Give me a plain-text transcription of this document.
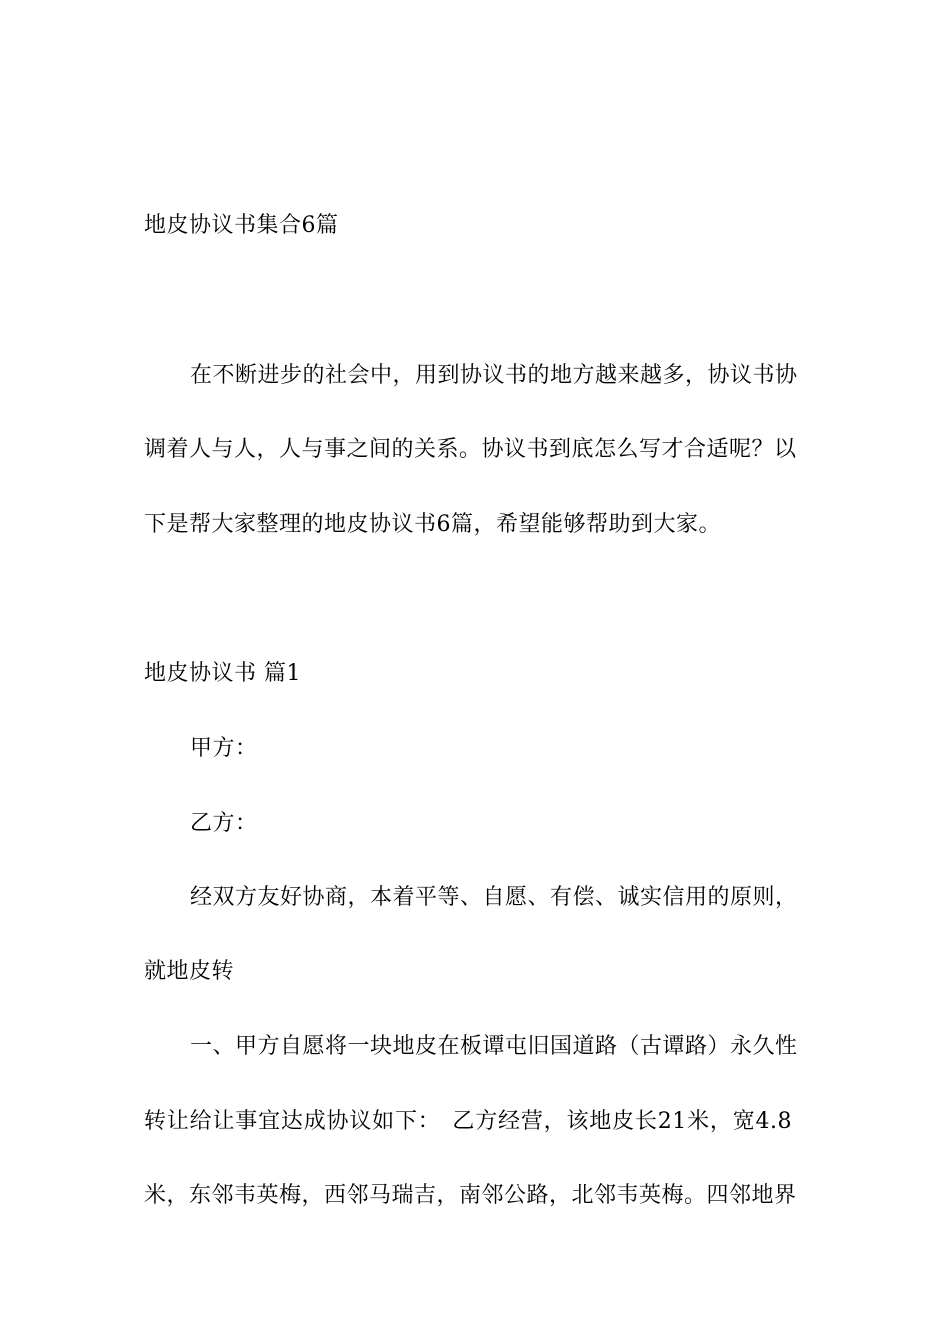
地皮协议书集合6篇
在不断进步的社会中，用到协议书的地方越来越多，协议书协
调着人与人，人与事之间的关系。协议书到底怎么写才合适呢？以
下是帮大家整理的地皮协议书6篇，希望能够帮助到大家。
地皮协议书 篇1
甲方：
乙方：
经双方友好协商，本着平等、自愿、有偿、诚实信用的原则，
就地皮转
一、甲方自愿将一块地皮在板谭屯旧国道路（古谭路）永久性
转让给让事宜达成协议如下：　乙方经营，该地皮长21米，宽4.8
米，东邻韦英梅，西邻马瑞吉，南邻公路，北邻韦英梅。四邻地界
